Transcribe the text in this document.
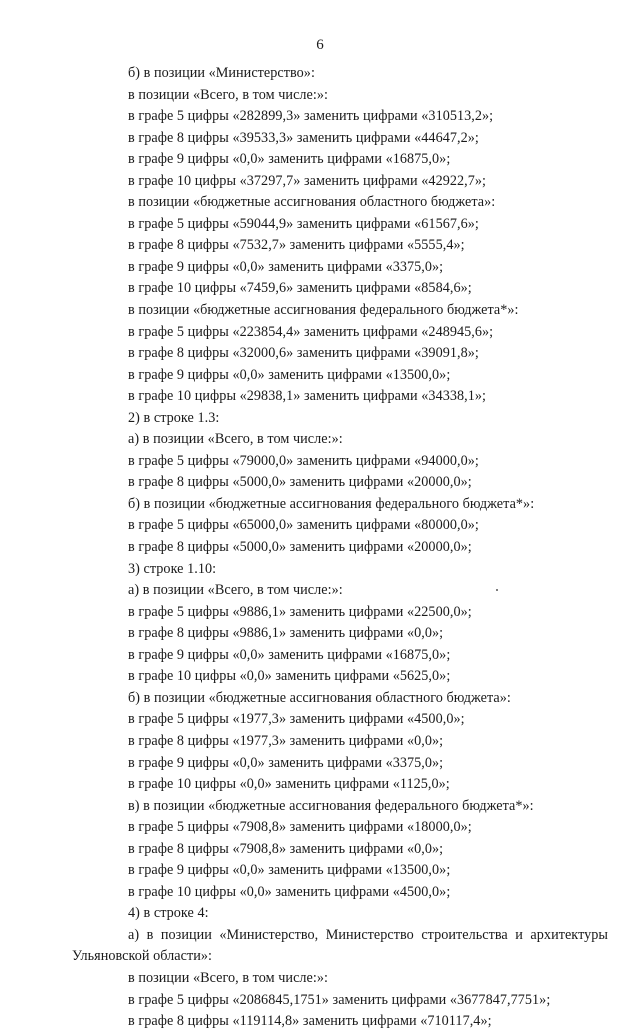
6
б) в позиции «Министерство»:
в позиции «Всего, в том числе:»:
в графе 5 цифры «282899,3» заменить цифрами «310513,2»;
в графе 8 цифры «39533,3» заменить цифрами «44647,2»;
в графе 9 цифры «0,0» заменить цифрами «16875,0»;
в графе 10 цифры «37297,7» заменить цифрами «42922,7»;
в позиции «бюджетные ассигнования областного бюджета»:
в графе 5 цифры «59044,9» заменить цифрами «61567,6»;
в графе 8 цифры «7532,7» заменить цифрами «5555,4»;
в графе 9 цифры «0,0» заменить цифрами «3375,0»;
в графе 10 цифры «7459,6» заменить цифрами «8584,6»;
в позиции «бюджетные ассигнования федерального бюджета*»:
в графе 5 цифры «223854,4» заменить цифрами «248945,6»;
в графе 8 цифры «32000,6» заменить цифрами «39091,8»;
в графе 9 цифры «0,0» заменить цифрами «13500,0»;
в графе 10 цифры «29838,1» заменить цифрами «34338,1»;
2) в строке 1.3:
а) в позиции «Всего, в том числе:»:
в графе 5 цифры «79000,0» заменить цифрами «94000,0»;
в графе 8 цифры «5000,0» заменить цифрами «20000,0»;
б) в позиции «бюджетные ассигнования федерального бюджета*»:
в графе 5 цифры «65000,0» заменить цифрами «80000,0»;
в графе 8 цифры «5000,0» заменить цифрами «20000,0»;
3) строке 1.10:
а) в позиции «Всего, в том числе:»:
в графе 5 цифры «9886,1» заменить цифрами «22500,0»;
в графе 8 цифры «9886,1» заменить цифрами «0,0»;
в графе 9 цифры «0,0» заменить цифрами «16875,0»;
в графе 10 цифры «0,0» заменить цифрами «5625,0»;
б) в позиции «бюджетные ассигнования областного бюджета»:
в графе 5 цифры «1977,3» заменить цифрами «4500,0»;
в графе 8 цифры «1977,3» заменить цифрами «0,0»;
в графе 9 цифры «0,0» заменить цифрами «3375,0»;
в графе 10 цифры «0,0» заменить цифрами «1125,0»;
в) в позиции «бюджетные ассигнования федерального бюджета*»:
в графе 5 цифры «7908,8» заменить цифрами «18000,0»;
в графе 8 цифры «7908,8» заменить цифрами «0,0»;
в графе 9 цифры «0,0» заменить цифрами «13500,0»;
в графе 10 цифры «0,0» заменить цифрами «4500,0»;
4) в строке 4:
а) в позиции «Министерство, Министерство строительства и архитектуры
Ульяновской области»:
в позиции «Всего, в том числе:»:
в графе 5 цифры «2086845,1751» заменить цифрами «3677847,7751»;
в графе 8 цифры «119114,8» заменить цифрами «710117,4»;
